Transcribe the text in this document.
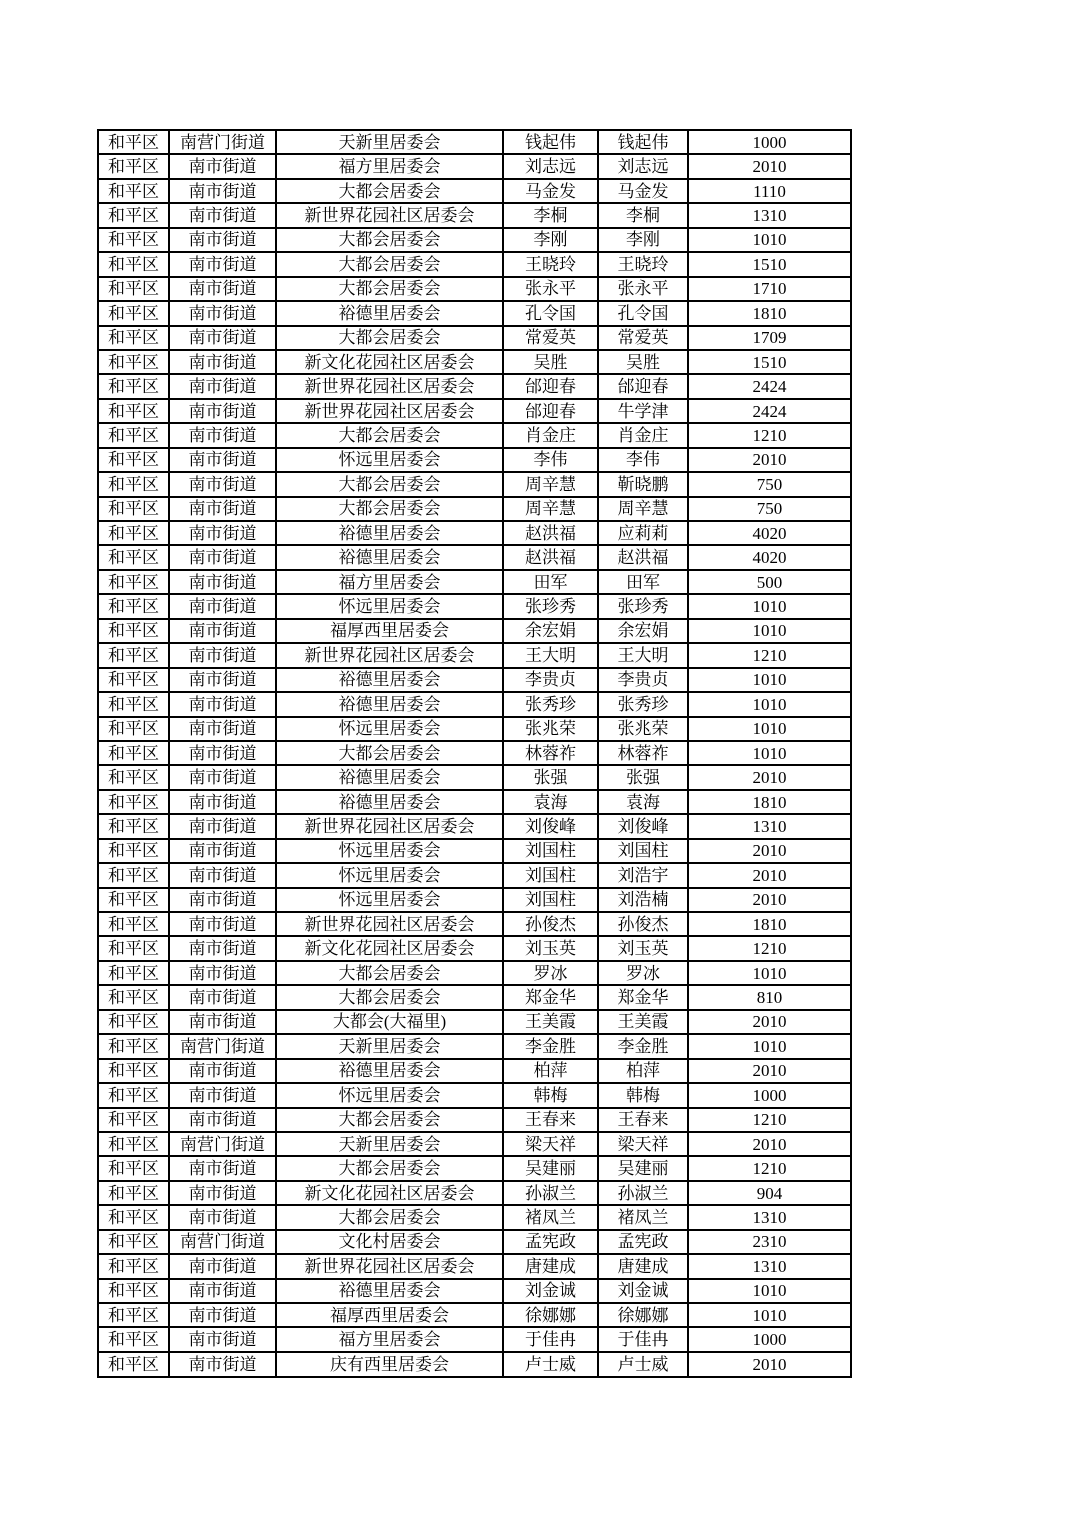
和平区	南营门街道	天新里居委会	钱起伟	钱起伟	1000
和平区	南市街道	福方里居委会	刘志远	刘志远	2010
和平区	南市街道	大都会居委会	马金发	马金发	1110
和平区	南市街道	新世界花园社区居委会	李桐	李桐	1310
和平区	南市街道	大都会居委会	李刚	李刚	1010
和平区	南市街道	大都会居委会	王晓玲	王晓玲	1510
和平区	南市街道	大都会居委会	张永平	张永平	1710
和平区	南市街道	裕德里居委会	孔令国	孔令国	1810
和平区	南市街道	大都会居委会	常爱英	常爱英	1709
和平区	南市街道	新文化花园社区居委会	吴胜	吴胜	1510
和平区	南市街道	新世界花园社区居委会	邰迎春	邰迎春	2424
和平区	南市街道	新世界花园社区居委会	邰迎春	牛学津	2424
和平区	南市街道	大都会居委会	肖金庄	肖金庄	1210
和平区	南市街道	怀远里居委会	李伟	李伟	2010
和平区	南市街道	大都会居委会	周辛慧	靳晓鹏	750
和平区	南市街道	大都会居委会	周辛慧	周辛慧	750
和平区	南市街道	裕德里居委会	赵洪福	应莉莉	4020
和平区	南市街道	裕德里居委会	赵洪福	赵洪福	4020
和平区	南市街道	福方里居委会	田军	田军	500
和平区	南市街道	怀远里居委会	张珍秀	张珍秀	1010
和平区	南市街道	福厚西里居委会	余宏娟	余宏娟	1010
和平区	南市街道	新世界花园社区居委会	王大明	王大明	1210
和平区	南市街道	裕德里居委会	李贵贞	李贵贞	1010
和平区	南市街道	裕德里居委会	张秀珍	张秀珍	1010
和平区	南市街道	怀远里居委会	张兆荣	张兆荣	1010
和平区	南市街道	大都会居委会	林蓉祚	林蓉祚	1010
和平区	南市街道	裕德里居委会	张强	张强	2010
和平区	南市街道	裕德里居委会	袁海	袁海	1810
和平区	南市街道	新世界花园社区居委会	刘俊峰	刘俊峰	1310
和平区	南市街道	怀远里居委会	刘国柱	刘国柱	2010
和平区	南市街道	怀远里居委会	刘国柱	刘浩宇	2010
和平区	南市街道	怀远里居委会	刘国柱	刘浩楠	2010
和平区	南市街道	新世界花园社区居委会	孙俊杰	孙俊杰	1810
和平区	南市街道	新文化花园社区居委会	刘玉英	刘玉英	1210
和平区	南市街道	大都会居委会	罗冰	罗冰	1010
和平区	南市街道	大都会居委会	郑金华	郑金华	810
和平区	南市街道	大都会(大福里)	王美霞	王美霞	2010
和平区	南营门街道	天新里居委会	李金胜	李金胜	1010
和平区	南市街道	裕德里居委会	柏萍	柏萍	2010
和平区	南市街道	怀远里居委会	韩梅	韩梅	1000
和平区	南市街道	大都会居委会	王春来	王春来	1210
和平区	南营门街道	天新里居委会	梁天祥	梁天祥	2010
和平区	南市街道	大都会居委会	吴建丽	吴建丽	1210
和平区	南市街道	新文化花园社区居委会	孙淑兰	孙淑兰	904
和平区	南市街道	大都会居委会	褚凤兰	褚凤兰	1310
和平区	南营门街道	文化村居委会	孟宪政	孟宪政	2310
和平区	南市街道	新世界花园社区居委会	唐建成	唐建成	1310
和平区	南市街道	裕德里居委会	刘金诚	刘金诚	1010
和平区	南市街道	福厚西里居委会	徐娜娜	徐娜娜	1010
和平区	南市街道	福方里居委会	于佳冉	于佳冉	1000
和平区	南市街道	庆有西里居委会	卢士威	卢士威	2010
